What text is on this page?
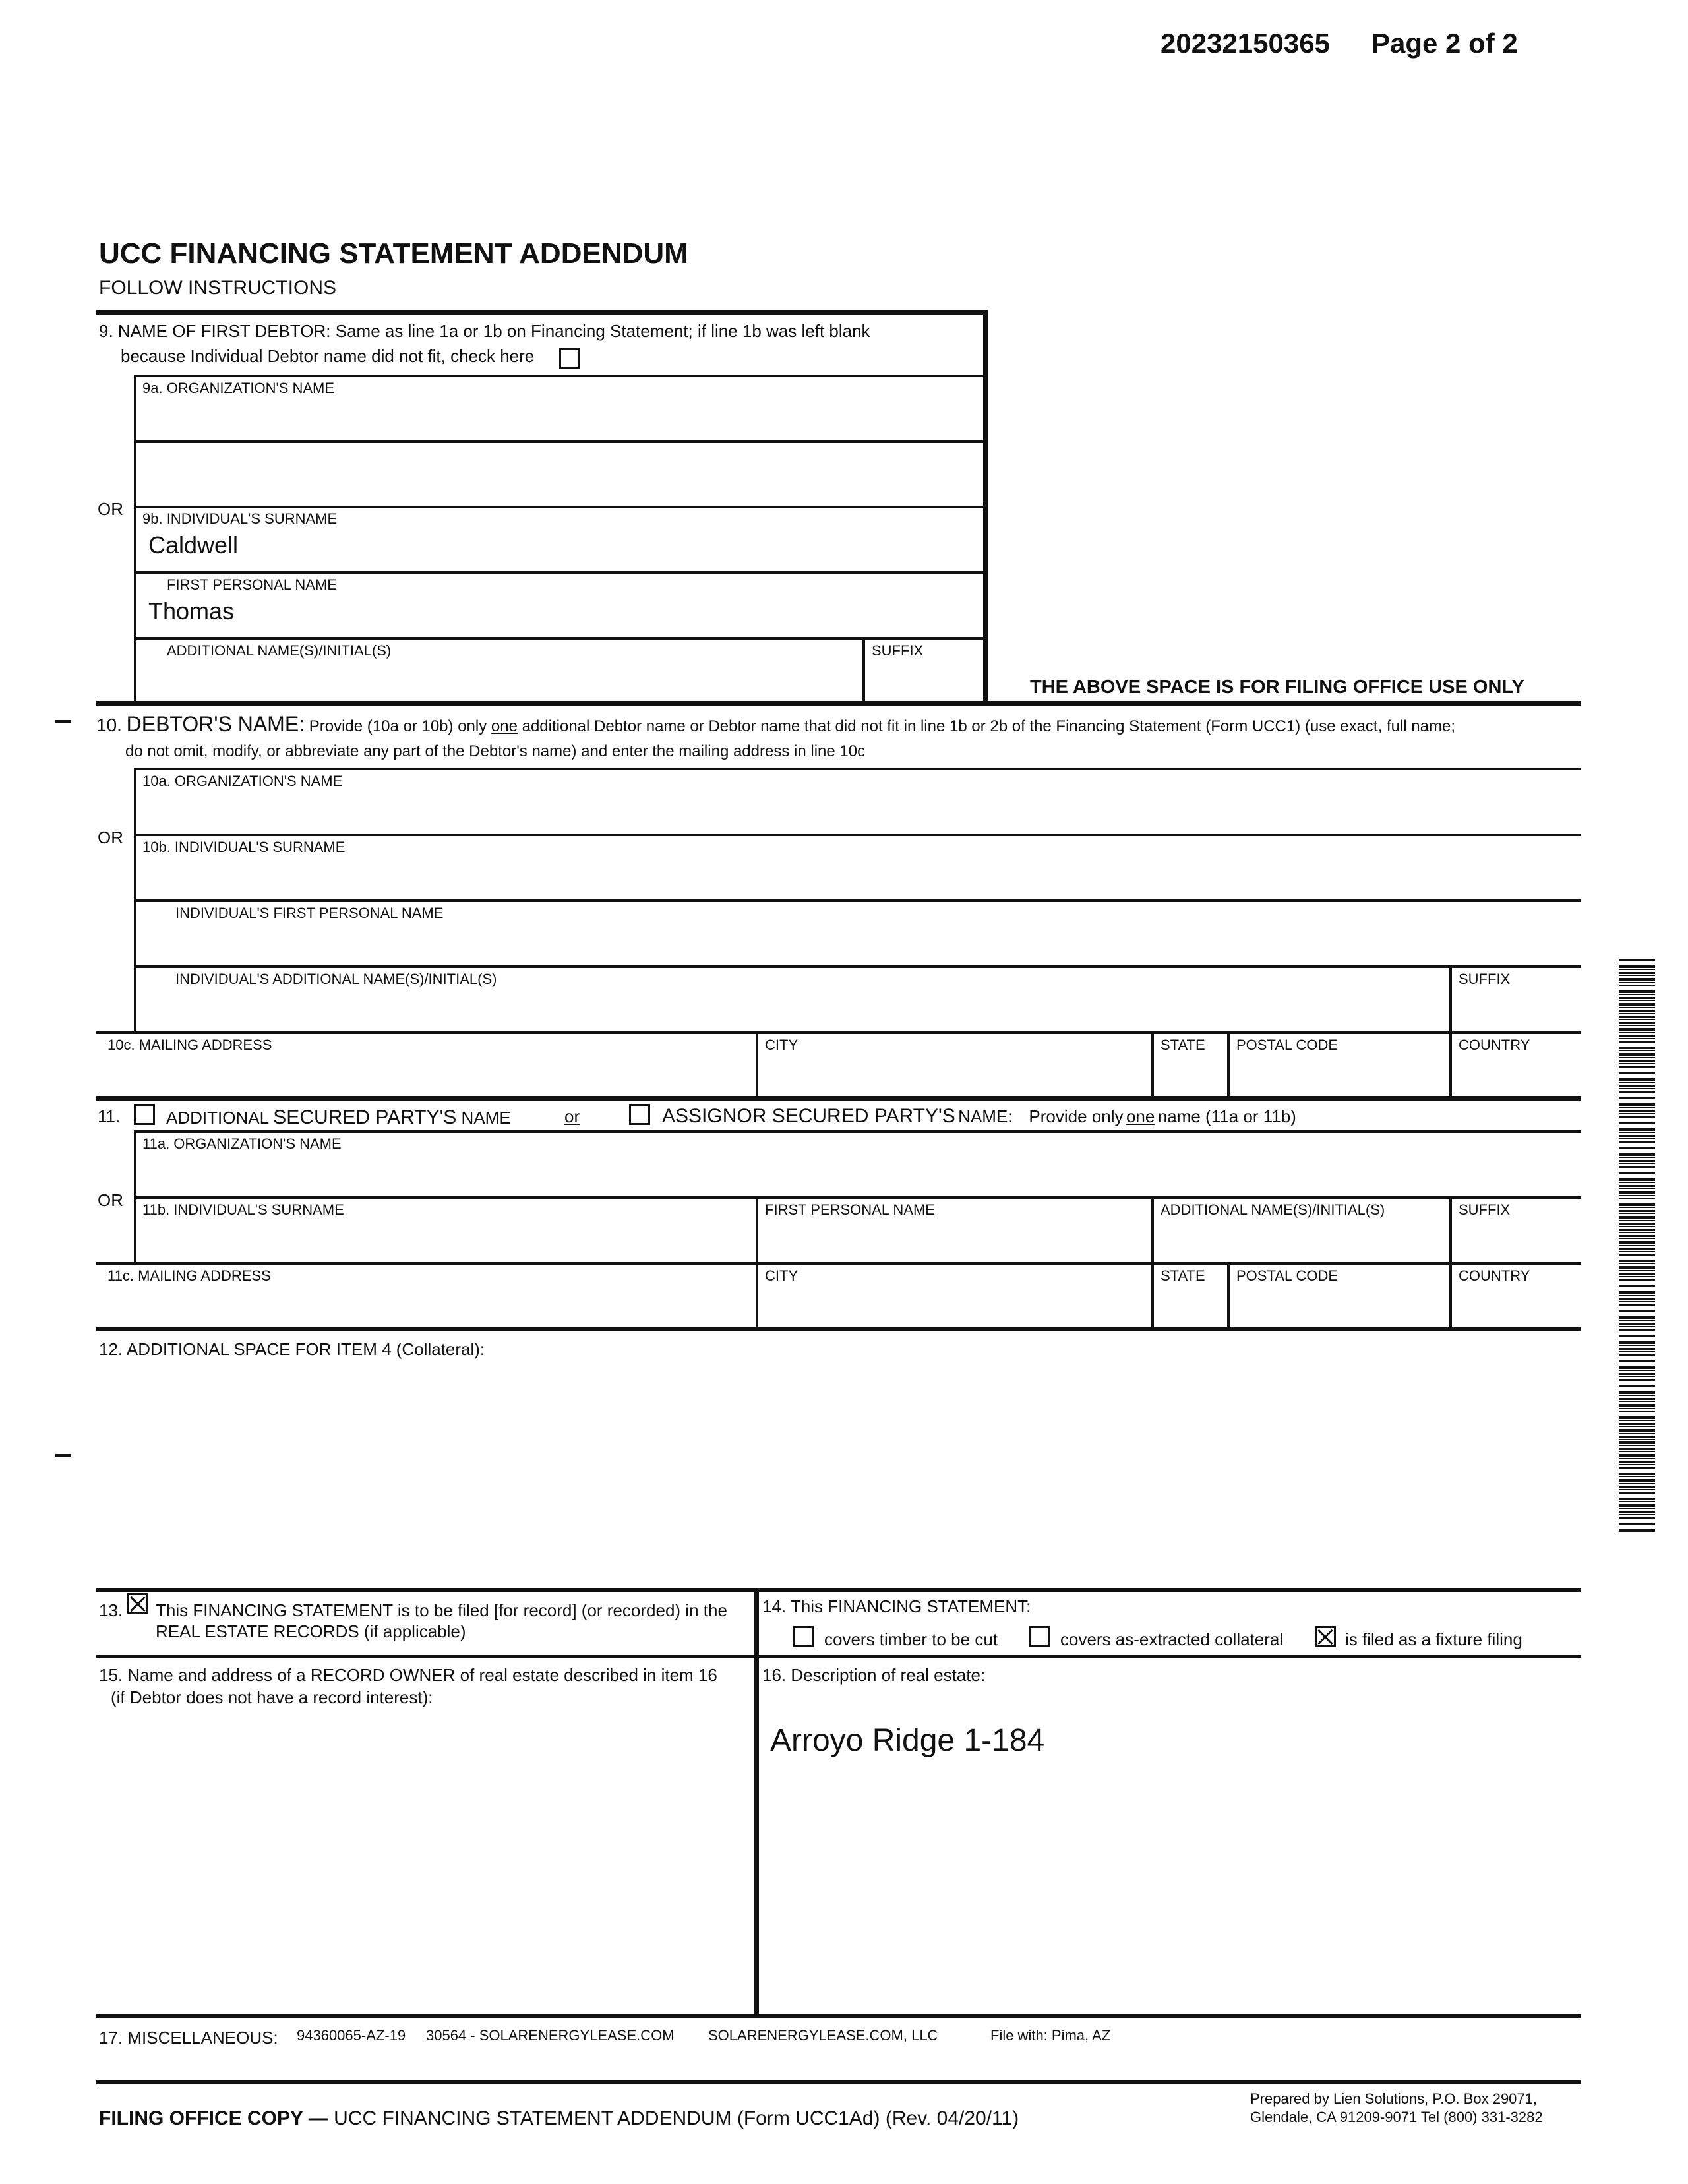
20232150365 Page 2 of 2
UCC FINANCING STATEMENT ADDENDUM
FOLLOW INSTRUCTIONS
9. NAME OF FIRST DEBTOR: Same as line 1a or 1b on Financing Statement; if line 1b was left blank
because Individual Debtor name did not fit, check here
9a. ORGANIZATION'S NAME
OR 9b. INDIVIDUAL'S SURNAME
Caldwell
FIRST PERSONAL NAME
Thomas
ADDITIONAL NAME(S)/INITIAL(S)	SUFFIX
THE ABOVE SPACE IS FOR FILING OFFICE USE ONLY
10. DEBTOR'S NAME: Provide (10a or 10b) only one additional Debtor name or Debtor name that did not fit in line 1b or 2b of the Financing Statement (Form UCC1) (use exact, full name;
do not omit, modify, or abbreviate any part of the Debtor's name) and enter the mailing address in line 10c
10a. ORGANIZATION'S NAME
OR 10b. INDIVIDUAL'S SURNAME
INDIVIDUAL'S FIRST PERSONAL NAME
INDIVIDUAL'S ADDITIONAL NAME(S)/INITIAL(S)	SUFFIX
10c. MAILING ADDRESS	CITY	STATE POSTAL CODE	COUNTRY
11.	ADDITIONAL SECURED PARTY'S NAME	or	ASSIGNOR SECURED PARTY'S NAME: Provide only one name (11a or 11b)
11a. ORGANIZATION'S NAME
OR 11b. INDIVIDUAL'S SURNAME	FIRST PERSONAL NAME	ADDITIONAL NAME(S)/INITIAL(S)	SUFFIX
11c. MAILING ADDRESS	CITY	STATE POSTAL CODE	COUNTRY
12. ADDITIONAL SPACE FOR ITEM 4 (Collateral):
13. This FINANCING STATEMENT is to be filed [for record] (or recorded) in the
REAL ESTATE RECORDS (if applicable)
14. This FINANCING STATEMENT:
covers timber to be cut	covers as-extracted collateral	is filed as a fixture filing
15. Name and address of a RECORD OWNER of real estate described in item 16
(if Debtor does not have a record interest):
16. Description of real estate:
Arroyo Ridge 1-184
17. MISCELLANEOUS: 94360065-AZ-19 30564 - SOLARENERGYLEASE.COM SOLARENERGYLEASE.COM, LLC	File with: Pima, AZ
FILING OFFICE COPY — UCC FINANCING STATEMENT ADDENDUM (Form UCC1Ad) (Rev. 04/20/11)
Prepared by Lien Solutions, P.O. Box 29071,
Glendale, CA 91209-9071 Tel (800) 331-3282
